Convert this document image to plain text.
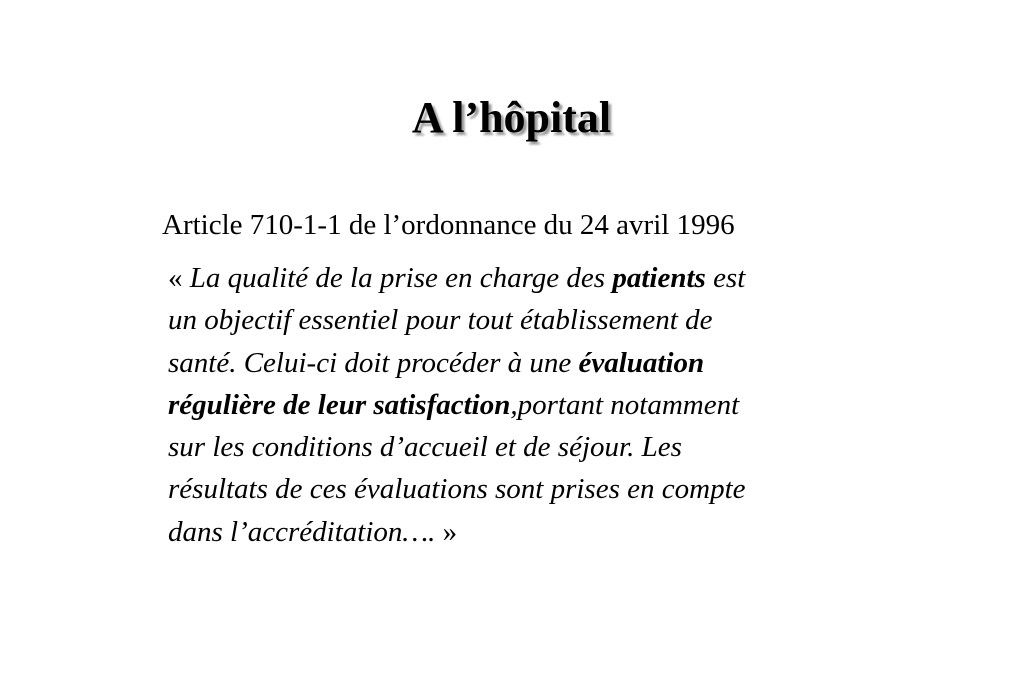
A l’hôpital

Article 710-1-1 de l’ordonnance du 24 avril 1996

« La qualité de la prise en charge des patients est
un objectif essentiel pour tout établissement de
santé. Celui-ci doit procéder à une évaluation
régulière de leur satisfaction,portant notamment
sur les conditions d’accueil et de séjour. Les
résultats de ces évaluations sont prises en compte
dans l’accréditation…. »
